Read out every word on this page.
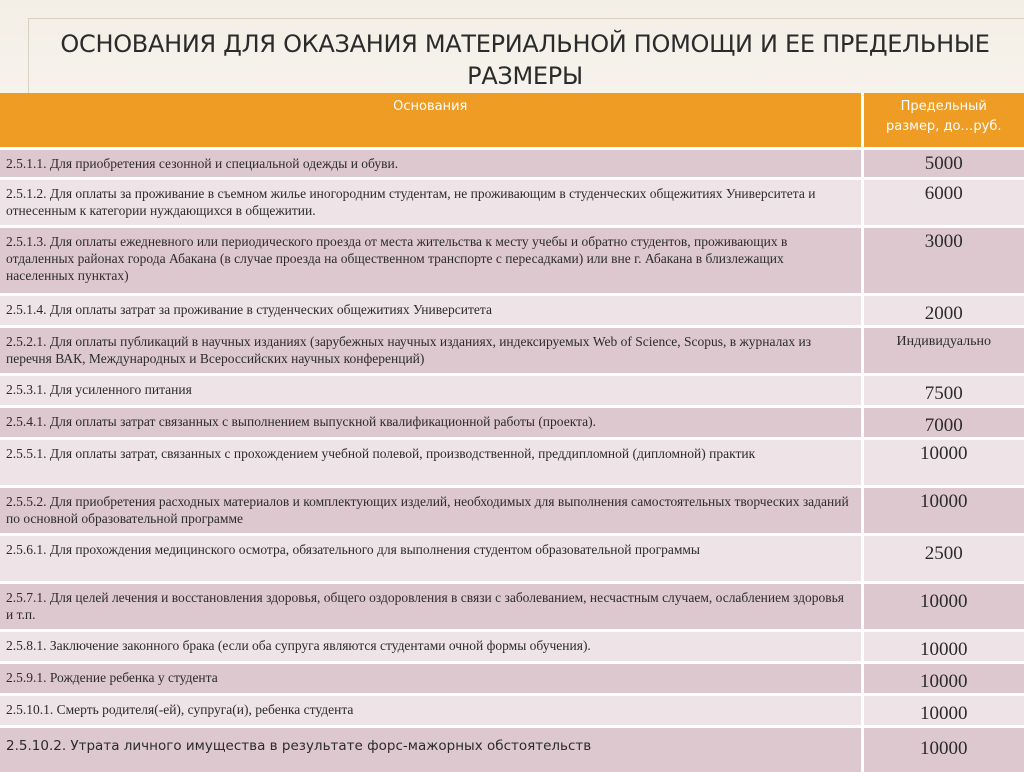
ОСНОВАНИЯ ДЛЯ ОКАЗАНИЯ МАТЕРИАЛЬНОЙ ПОМОЩИ И ЕЕ ПРЕДЕЛЬНЫЕ
РАЗМЕРЫ
Основания	Предельный
размер, до…руб.

2.5.1.1. Для приобретения сезонной и специальной одежды и обуви.	5000
2.5.1.2. Для оплаты за проживание в съемном жилье иногородним студентам, не проживающим в студенческих общежитиях Университета и отнесенным к категории нуждающихся в общежитии.	6000
2.5.1.3. Для оплаты ежедневного или периодического проезда от места жительства к месту учебы и обратно студентов, проживающих в отдаленных районах города Абакана (в случае проезда на общественном транспорте с пересадками) или вне г. Абакана в близлежащих населенных пунктах)	3000
2.5.1.4. Для оплаты затрат за проживание в студенческих общежитиях Университета	2000
2.5.2.1. Для оплаты публикаций в научных изданиях (зарубежных научных изданиях, индексируемых Web of Science, Scopus, в журналах из перечня ВАК, Международных и Всероссийских научных конференций)	Индивидуально
2.5.3.1. Для усиленного питания	7500
2.5.4.1. Для оплаты затрат связанных с выполнением выпускной квалификационной работы (проекта).	7000
2.5.5.1. Для оплаты затрат, связанных с прохождением учебной полевой, производственной, преддипломной (дипломной) практик	10000
2.5.5.2. Для приобретения расходных материалов и комплектующих изделий, необходимых для выполнения самостоятельных творческих заданий по основной образовательной программе	10000
2.5.6.1. Для прохождения медицинского осмотра, обязательного для выполнения студентом образовательной программы	2500
2.5.7.1. Для целей лечения и восстановления здоровья, общего оздоровления в связи с заболеванием, несчастным случаем, ослаблением здоровья и т.п.	10000
2.5.8.1. Заключение законного брака (если оба супруга являются студентами очной формы обучения).	10000
2.5.9.1. Рождение ребенка у студента	10000
2.5.10.1. Смерть родителя(-ей), супруга(и), ребенка студента	10000
2.5.10.2. Утрата личного имущества в результате форс-мажорных обстоятельств	10000
